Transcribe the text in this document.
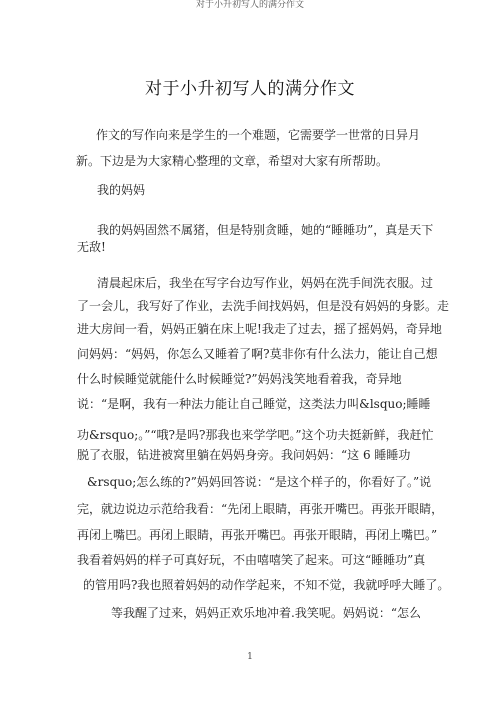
对于小升初写人的满分作文
对于小升初写人的满分作文
作文的写作向来是学生的一个难题，它需要学一世常的日异月
新。下边是为大家精心整理的文章，希望对大家有所帮助。
我的妈妈
我的妈妈固然不属猪，但是特别贪睡，她的“睡睡功”，真是天下
无敌!
清晨起床后，我坐在写字台边写作业，妈妈在洗手间洗衣服。过
了一会儿，我写好了作业，去洗手间找妈妈，但是没有妈妈的身影。走
进大房间一看，妈妈正躺在床上呢!我走了过去，摇了摇妈妈，奇异地
问妈妈：“妈妈，你怎么又睡着了啊?莫非你有什么法力，能让自己想
什么时候睡觉就能什么时候睡觉?”妈妈浅笑地看着我，奇异地
说：“是啊，我有一种法力能让自己睡觉，这类法力叫&lsquo;睡睡
功&rsquo;。”“哦?是吗?那我也来学学吧。”这个功夫挺新鲜，我赶忙
脱了衣服，钻进被窝里躺在妈妈身旁。我问妈妈：“这 6 睡睡功
&rsquo;怎么练的?”妈妈回答说：“是这个样子的，你看好了。”说
完，就边说边示范给我看：“先闭上眼睛，再张开嘴巴。再张开眼睛，
再闭上嘴巴。再闭上眼睛，再张开嘴巴。再张开眼睛，再闭上嘴巴。”
我看着妈妈的样子可真好玩，不由嘻嘻笑了起来。可这“睡睡功”真
的管用吗?我也照着妈妈的动作学起来，不知不觉，我就呼呼大睡了。
等我醒了过来，妈妈正欢乐地冲着.我笑呢。妈妈说：“怎么
1
